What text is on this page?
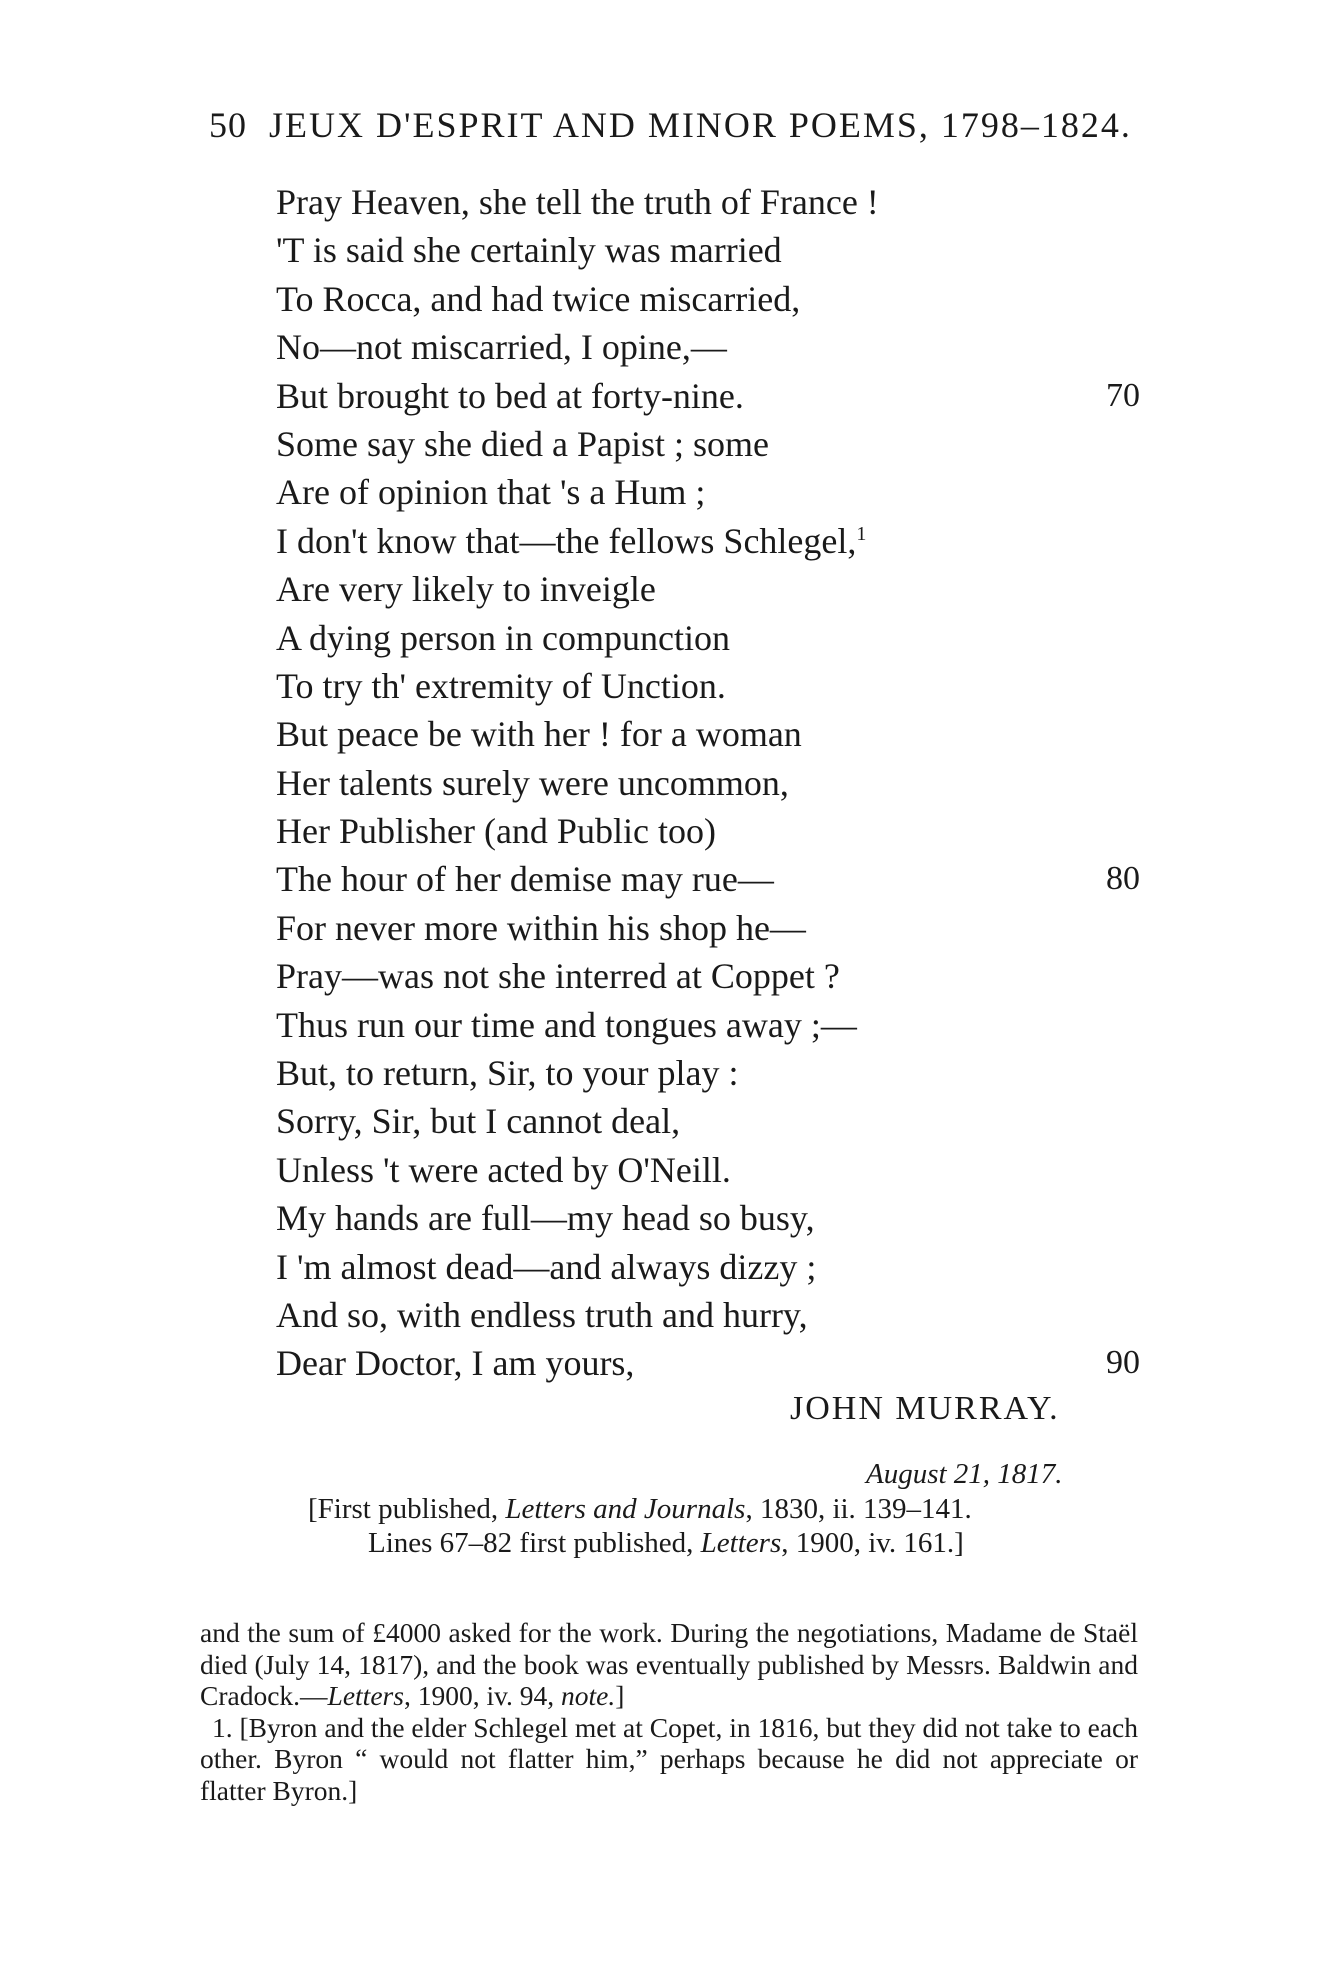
50 JEUX D'ESPRIT AND MINOR POEMS, 1798–1824.
Pray Heaven, she tell the truth of France !
'T is said she certainly was married
To Rocca, and had twice miscarried,
No—not miscarried, I opine,—
But brought to bed at forty-nine.	70
Some say she died a Papist ; some
Are of opinion that 's a Hum ;
I don't know that—the fellows Schlegel,$^1$
Are very likely to inveigle
A dying person in compunction
To try th' extremity of Unction.
But peace be with her ! for a woman
Her talents surely were uncommon,
Her Publisher (and Public too)
The hour of her demise may rue—	80
For never more within his shop he—
Pray—was not she interred at Coppet ?
Thus run our time and tongues away ;—
But, to return, Sir, to your play :
Sorry, Sir, but I cannot deal,
Unless 't were acted by O'Neill.
My hands are full—my head so busy,
I 'm almost dead—and always dizzy ;
And so, with endless truth and hurry,
Dear Doctor, I am yours,	90
JOHN MURRAY.
August 21, 1817.
[First published, Letters and Journals, 1830, ii. 139–141.
Lines 67–82 first published, Letters, 1900, iv. 161.]

and the sum of £4000 asked for the work. During the negotiations, Madame de Staël died (July 14, 1817), and the book was eventually published by Messrs. Baldwin and Cradock.—Letters, 1900, iv. 94, note.]

1. [Byron and the elder Schlegel met at Copet, in 1816, but they did not take to each other. Byron “ would not flatter him,” perhaps because he did not appreciate or flatter Byron.]
